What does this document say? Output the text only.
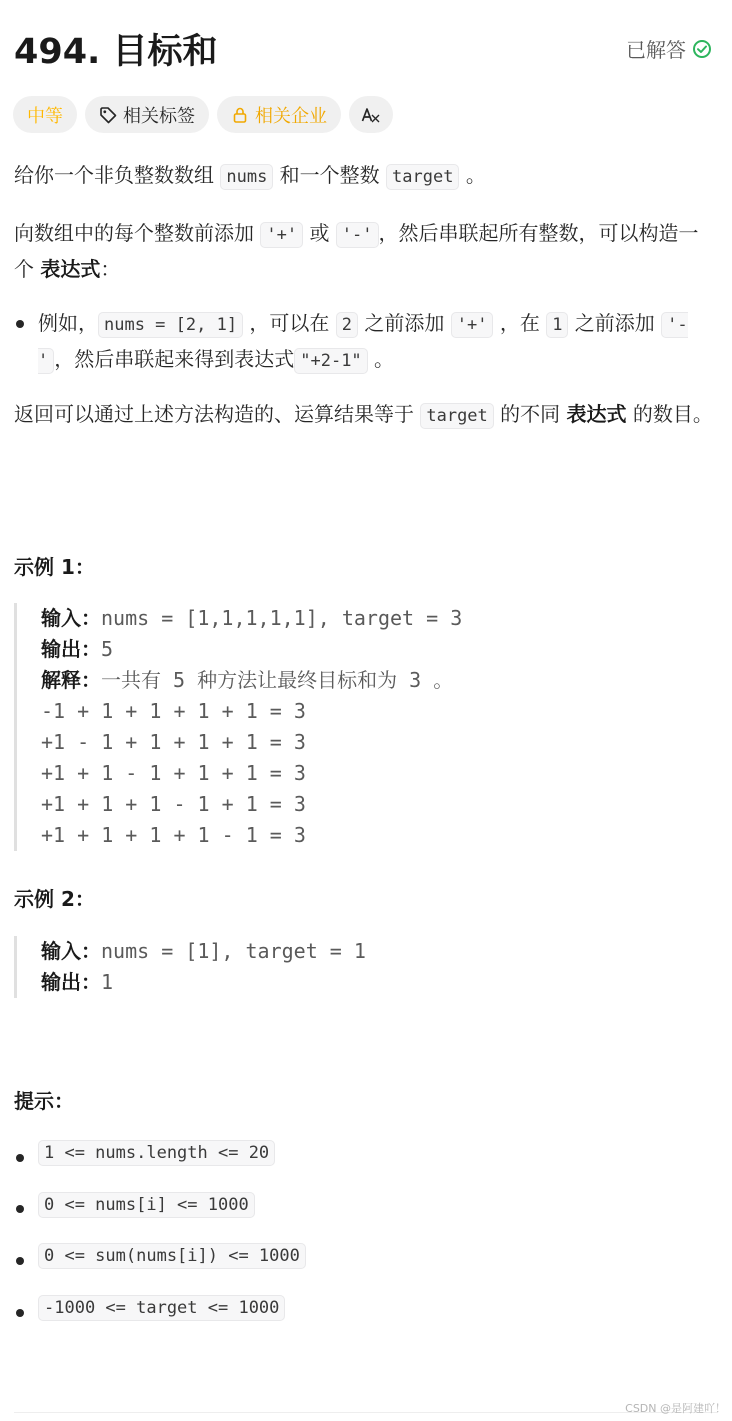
494. 目标和	已解答
中等	相关标签	相关企业

给你一个非负整数数组 nums 和一个整数 target 。

向数组中的每个整数前添加 '+' 或 '-' ，然后串联起所有整数，可以构造一个 表达式：

例如， nums = [2, 1] ，可以在 2 之前添加 '+' ，在 1 之前添加 '-' ，然后串联起来得到表达式 "+2-1" 。

返回可以通过上述方法构造的、运算结果等于 target 的不同 表达式 的数目。

示例 1：
输入：nums = [1,1,1,1,1], target = 3
输出：5
解释：一共有 5 种方法让最终目标和为 3 。
-1 + 1 + 1 + 1 + 1 = 3
+1 - 1 + 1 + 1 + 1 = 3
+1 + 1 - 1 + 1 + 1 = 3
+1 + 1 + 1 - 1 + 1 = 3
+1 + 1 + 1 + 1 - 1 = 3
示例 2：
输入：nums = [1], target = 1
输出：1
提示：
1 <= nums.length <= 20
0 <= nums[i] <= 1000
0 <= sum(nums[i]) <= 1000
-1000 <= target <= 1000
CSDN @是阿建吖！
